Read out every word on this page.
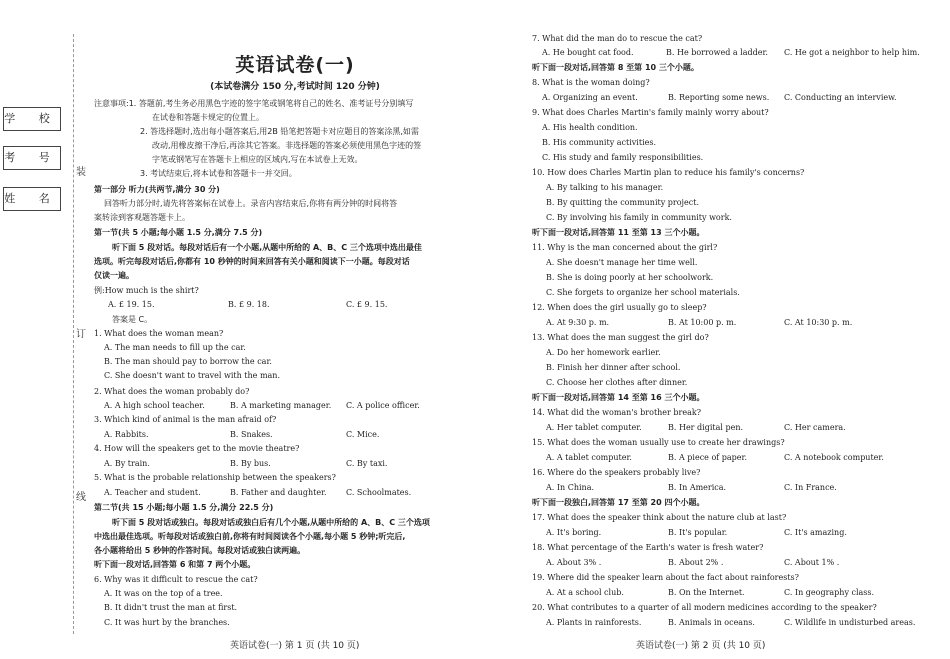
学 校
考 号
姓 名
装
订
线
英语试卷(一)
(本试卷满分 150 分,考试时间 120 分钟)
注意事项:1. 答题前,考生务必用黑色字迹的签字笔或钢笔将自己的姓名、准考证号分别填写
在试卷和答题卡规定的位置上。
2. 答选择题时,选出每小题答案后,用2B 铅笔把答题卡对应题目的答案涂黑,如需
改动,用橡皮擦干净后,再涂其它答案。非选择题的答案必须使用黑色字迹的签
字笔或钢笔写在答题卡上相应的区域内,写在本试卷上无效。
3. 考试结束后,将本试卷和答题卡一并交回。
第一部分 听力(共两节,满分 30 分)
回答听力部分时,请先将答案标在试卷上。录音内容结束后,你将有两分钟的时间将答
案转涂到客观题答题卡上。
第一节(共 5 小题;每小题 1.5 分,满分 7.5 分)
听下面 5 段对话。每段对话后有一个小题,从题中所给的 A、B、C 三个选项中选出最佳
选项。听完每段对话后,你都有 10 秒钟的时间来回答有关小题和阅读下一小题。每段对话
仅读一遍。
例:How much is the shirt?
A. £ 19. 15.	B. £ 9. 18.	C. £ 9. 15.
答案是 C。
1. What does the woman mean?
A. The man needs to fill up the car.
B. The man should pay to borrow the car.
C. She doesn't want to travel with the man.
2. What does the woman probably do?
A. A high school teacher.	B. A marketing manager. C. A police officer.
3. Which kind of animal is the man afraid of?
A. Rabbits.	B. Snakes.	C. Mice.
4. How will the speakers get to the movie theatre?
A. By train.	B. By bus.	C. By taxi.
5. What is the probable relationship between the speakers?
A. Teacher and student.	B. Father and daughter. C. Schoolmates.
第二节(共 15 小题;每小题 1.5 分,满分 22.5 分)
听下面 5 段对话或独白。每段对话或独白后有几个小题,从题中所给的 A、B、C 三个选项
中选出最佳选项。听每段对话或独白前,你将有时间阅读各个小题,每小题 5 秒钟;听完后,
各小题将给出 5 秒钟的作答时间。每段对话或独白读两遍。
听下面一段对话,回答第 6 和第 7 两个小题。
6. Why was it difficult to rescue the cat?
A. It was on the top of a tree.
B. It didn't trust the man at first.
C. It was hurt by the branches.
英语试卷(一) 第 1 页 (共 10 页)
7. What did the man do to rescue the cat?
A. He bought cat food.	B. He borrowed a ladder. C. He got a neighbor to help him.
听下面一段对话,回答第 8 至第 10 三个小题。
8. What is the woman doing?
A. Organizing an event.	B. Reporting some news. C. Conducting an interview.
9. What does Charles Martin's family mainly worry about?
A. His health condition.
B. His community activities.
C. His study and family responsibilities.
10. How does Charles Martin plan to reduce his family's concerns?
A. By talking to his manager.
B. By quitting the community project.
C. By involving his family in community work.
听下面一段对话,回答第 11 至第 13 三个小题。
11. Why is the man concerned about the girl?
A. She doesn't manage her time well.
B. She is doing poorly at her schoolwork.
C. She forgets to organize her school materials.
12. When does the girl usually go to sleep?
A. At 9:30 p. m.	B. At 10:00 p. m.	C. At 10:30 p. m.
13. What does the man suggest the girl do?
A. Do her homework earlier.
B. Finish her dinner after school.
C. Choose her clothes after dinner.
听下面一段对话,回答第 14 至第 16 三个小题。
14. What did the woman's brother break?
A. Her tablet computer.	B. Her digital pen.	C. Her camera.
15. What does the woman usually use to create her drawings?
A. A tablet computer.	B. A piece of paper.	C. A notebook computer.
16. Where do the speakers probably live?
A. In China.	B. In America.	C. In France.
听下面一段独白,回答第 17 至第 20 四个小题。
17. What does the speaker think about the nature club at last?
A. It's boring.	B. It's popular.	C. It's amazing.
18. What percentage of the Earth's water is fresh water?
A. About 3% .	B. About 2% .	C. About 1% .
19. Where did the speaker learn about the fact about rainforests?
A. At a school club.	B. On the Internet.	C. In geography class.
20. What contributes to a quarter of all modern medicines according to the speaker?
A. Plants in rainforests.	B. Animals in oceans.	C. Wildlife in undisturbed areas.
英语试卷(一) 第 2 页 (共 10 页)
